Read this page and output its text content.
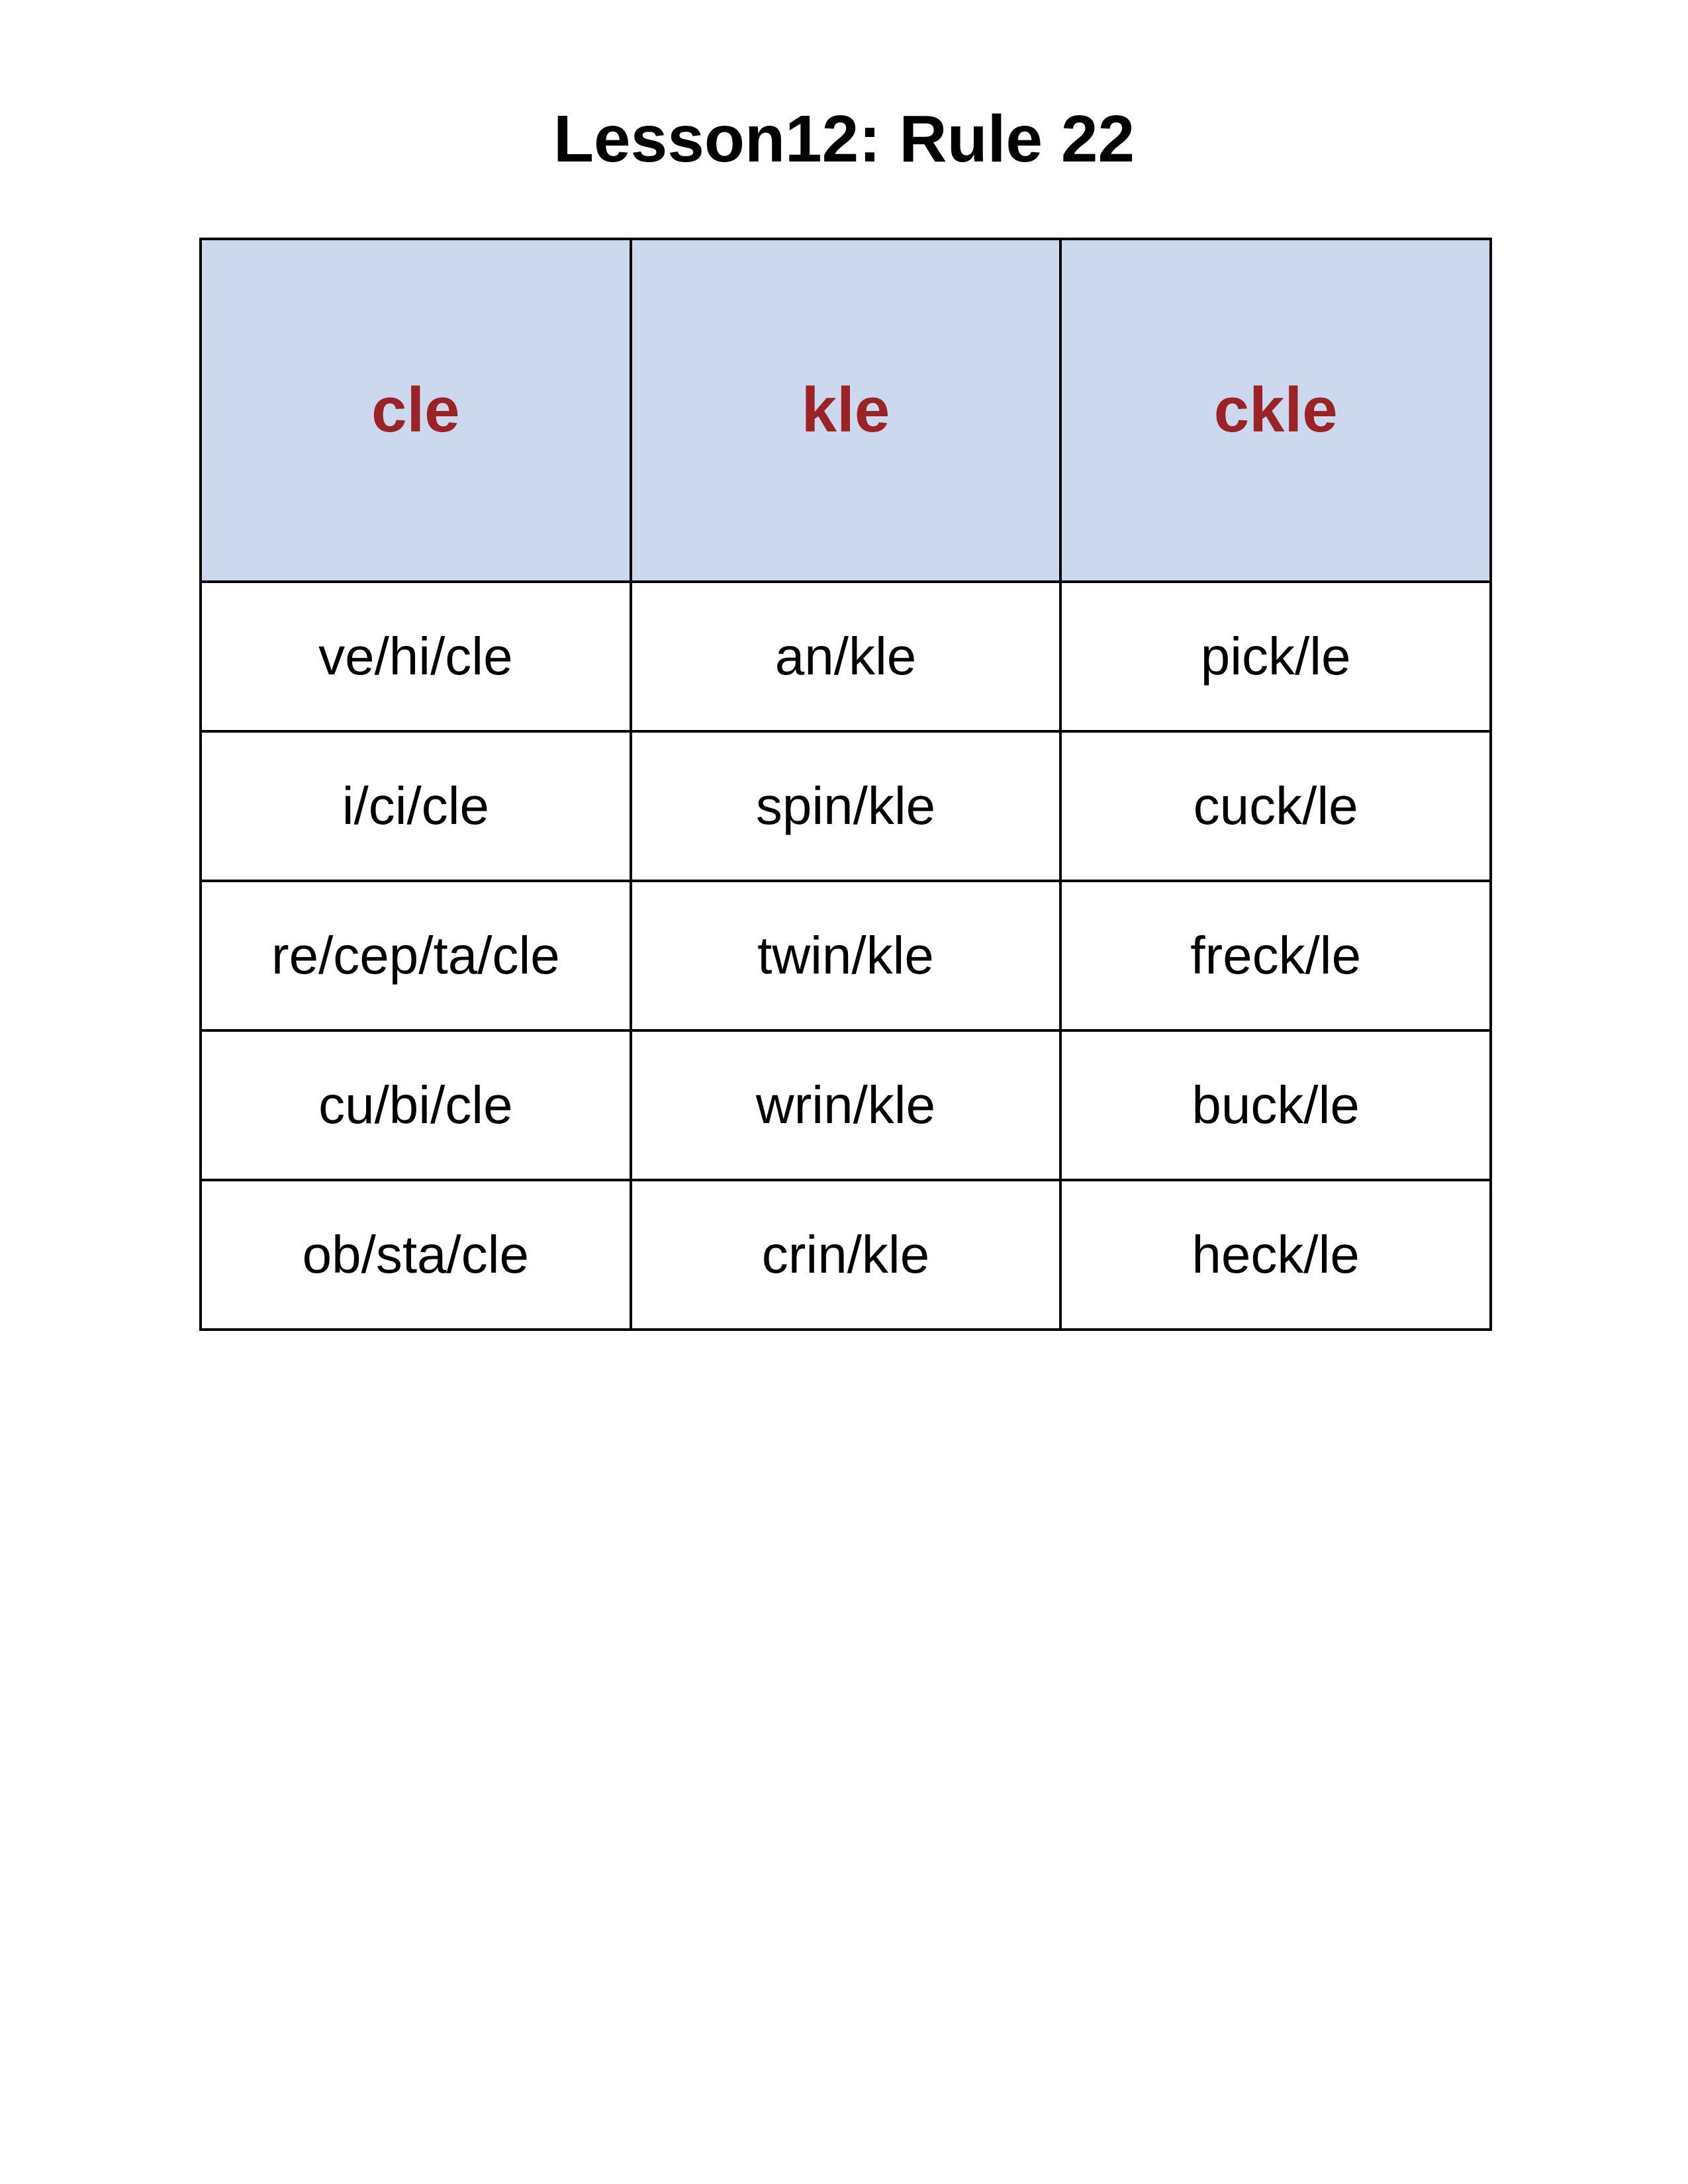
Lesson12: Rule 22
cle	kle	ckle
ve/hi/cle	an/kle	pick/le
i/ci/cle	spin/kle	cuck/le
re/cep/ta/cle	twin/kle	freck/le
cu/bi/cle	wrin/kle	buck/le
ob/sta/cle	crin/kle	heck/le
